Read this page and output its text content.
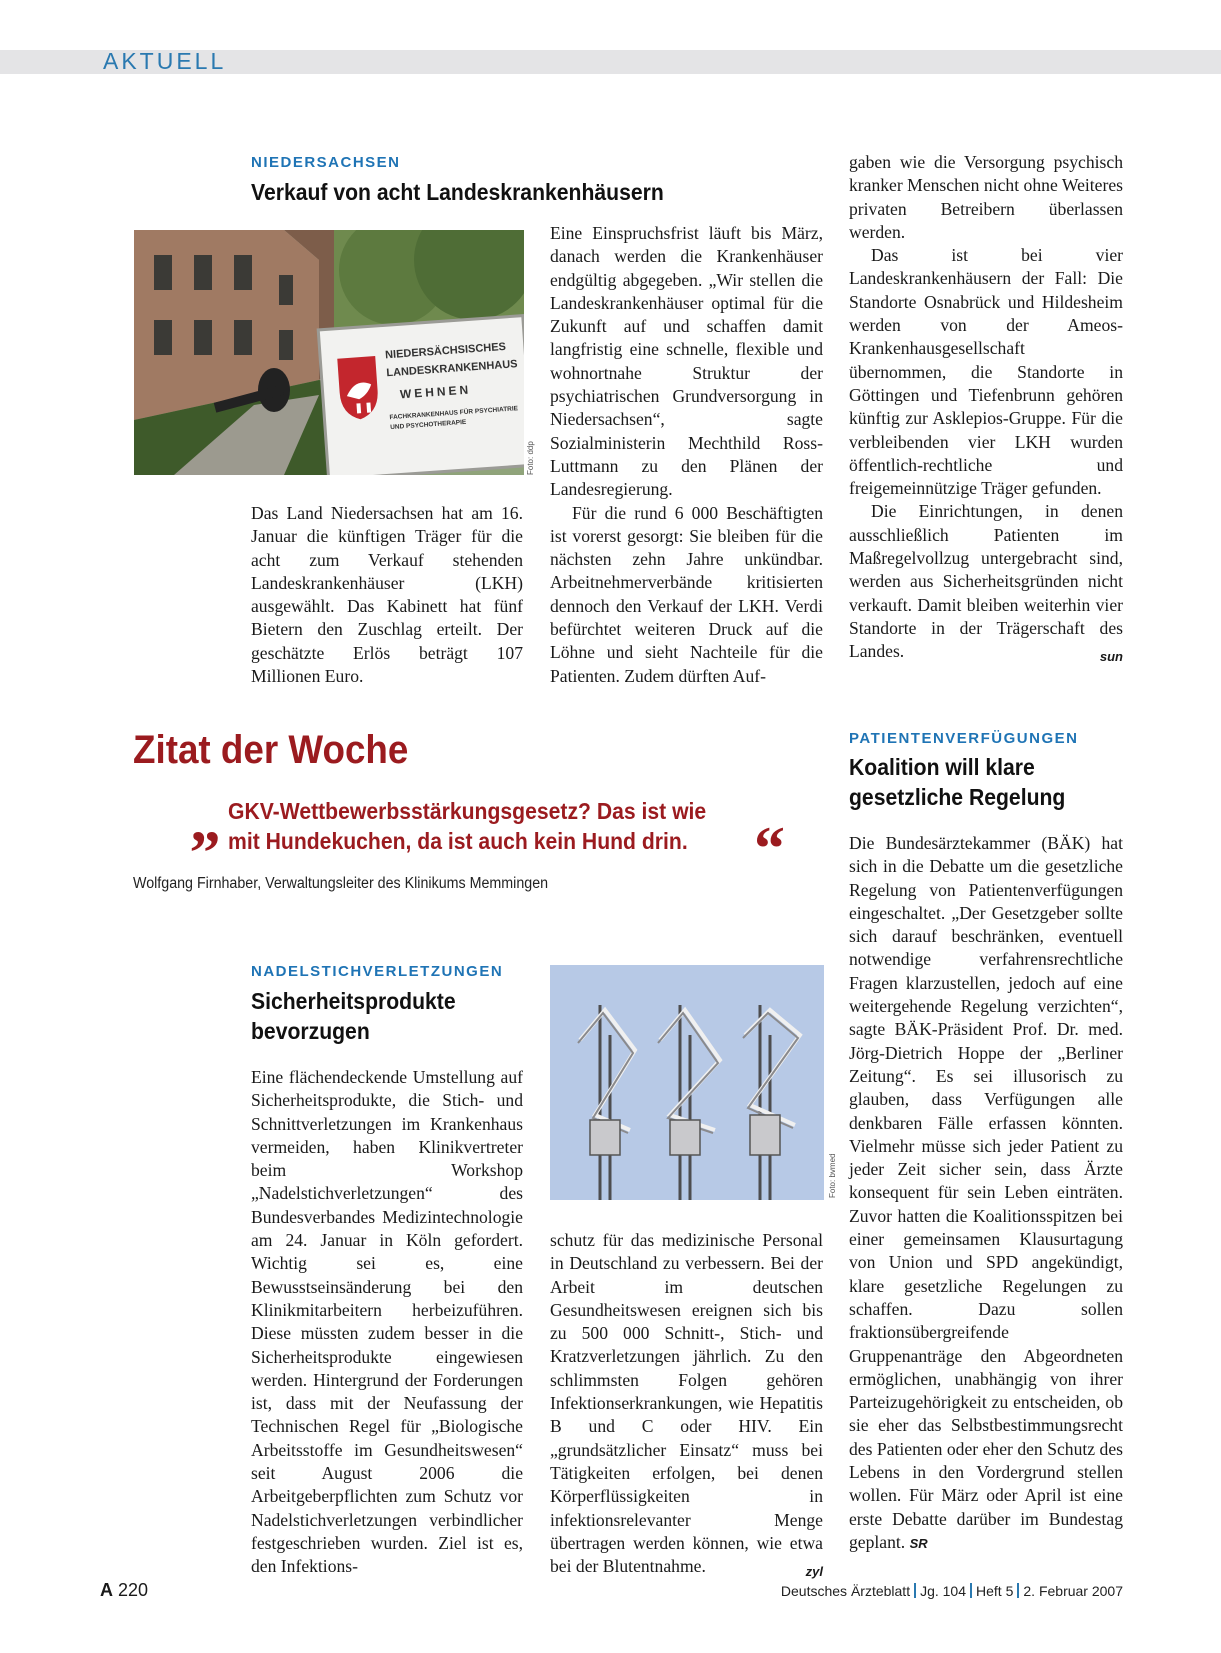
AKTUELL
NIEDERSACHSEN
Verkauf von acht Landeskrankenhäusern
NIEDERSÄCHSISCHES
LANDESKRANKENHAUS
WEHNEN
FACHKRANKENHAUS FÜR PSYCHIATRIE
UND PSYCHOTHERAPIE
Foto: ddp

Das Land Niedersachsen hat am 16. Januar die künftigen Träger für die acht zum Verkauf stehenden Landeskrankenhäuser (LKH) ausgewählt. Das Kabinett hat fünf Bietern den Zuschlag erteilt. Der geschätzte Erlös beträgt 107 Millionen Euro.

Eine Einspruchsfrist läuft bis März, danach werden die Krankenhäuser endgültig abgegeben. „Wir stellen die Landeskrankenhäuser optimal für die Zukunft auf und schaffen damit langfristig eine schnelle, flexible und wohnortnahe Struktur der psychiatrischen Grundversorgung in Niedersachsen“, sagte Sozialministerin Mechthild Ross-Luttmann zu den Plänen der Landesregierung.

Für die rund 6 000 Beschäftigten ist vorerst gesorgt: Sie bleiben für die nächsten zehn Jahre unkündbar. Arbeitnehmerverbände kritisierten dennoch den Verkauf der LKH. Verdi befürchtet weiteren Druck auf die Löhne und sieht Nachteile für die Patienten. Zudem dürften Auf-

gaben wie die Versorgung psychisch kranker Menschen nicht ohne Weiteres privaten Betreibern überlassen werden.

Das ist bei vier Landeskrankenhäusern der Fall: Die Standorte Osnabrück und Hildesheim werden von der Ameos-Krankenhausgesellschaft übernommen, die Standorte in Göttingen und Tiefenbrunn gehören künftig zur Asklepios-Gruppe. Für die verbleibenden vier LKH wurden öffentlich-rechtliche und freigemeinnützige Träger gefunden.

Die Einrichtungen, in denen ausschließlich Patienten im Maßregelvollzug untergebracht sind, werden aus Sicherheitsgründen nicht verkauft. Damit bleiben weiterhin vier Standorte in der Trägerschaft des Landes.	sun

Zitat der Woche
„ GKV-Wettbewerbsstärkungsgesetz? Das ist wie mit Hundekuchen, da ist auch kein Hund drin.	“
Wolfgang Firnhaber, Verwaltungsleiter des Klinikums Memmingen
PATIENTENVERFÜGUNGEN
Koalition will klare gesetzliche Regelung

Die Bundesärztekammer (BÄK) hat sich in die Debatte um die gesetzliche Regelung von Patientenverfügungen eingeschaltet. „Der Gesetzgeber sollte sich darauf beschränken, eventuell notwendige verfahrensrechtliche Fragen klarzustellen, jedoch auf eine weitergehende Regelung verzichten“, sagte BÄK-Präsident Prof. Dr. med. Jörg-Dietrich Hoppe der „Berliner Zeitung“. Es sei illusorisch zu glauben, dass Verfügungen alle denkbaren Fälle erfassen könnten. Vielmehr müsse sich jeder Patient zu jeder Zeit sicher sein, dass Ärzte konsequent für sein Leben einträten. Zuvor hatten die Koalitionsspitzen bei einer gemeinsamen Klausurtagung von Union und SPD angekündigt, klare gesetzliche Regelungen zu schaffen. Dazu sollen fraktionsübergreifende Gruppenanträge den Abgeordneten ermöglichen, unabhängig von ihrer Parteizugehörigkeit zu entscheiden, ob sie eher das Selbstbestimmungsrecht des Patienten oder eher den Schutz des Lebens in den Vordergrund stellen wollen. Für März oder April ist eine erste Debatte darüber im Bundestag geplant. SR

NADELSTICHVERLETZUNGEN
Sicherheitsprodukte bevorzugen
Foto: bvmed

Eine flächendeckende Umstellung auf Sicherheitsprodukte, die Stich- und Schnittverletzungen im Krankenhaus vermeiden, haben Klinikvertreter beim Workshop „Nadelstichverletzungen“ des Bundesverbandes Medizintechnologie am 24. Januar in Köln gefordert. Wichtig sei es, eine Bewusstseinsänderung bei den Klinikmitarbeitern herbeizuführen. Diese müssten zudem besser in die Sicherheitsprodukte eingewiesen werden. Hintergrund der Forderungen ist, dass mit der Neufassung der Technischen Regel für „Biologische Arbeitsstoffe im Gesundheitswesen“ seit August 2006 die Arbeitgeberpflichten zum Schutz vor Nadelstichverletzungen verbindlicher festgeschrieben wurden. Ziel ist es, den Infektions-

schutz für das medizinische Personal in Deutschland zu verbessern. Bei der Arbeit im deutschen Gesundheitswesen ereignen sich bis zu 500 000 Schnitt-, Stich- und Kratzverletzungen jährlich. Zu den schlimmsten Folgen gehören Infektionserkrankungen, wie Hepatitis B und C oder HIV. Ein „grundsätzlicher Einsatz“ muss bei Tätigkeiten erfolgen, bei denen Körperflüssigkeiten in infektionsrelevanter Menge übertragen werden können, wie etwa bei der Blutentnahme.	zyl

A 220	Deutsches Ärzteblatt Jg. 104 Heft 5 2. Februar 2007
